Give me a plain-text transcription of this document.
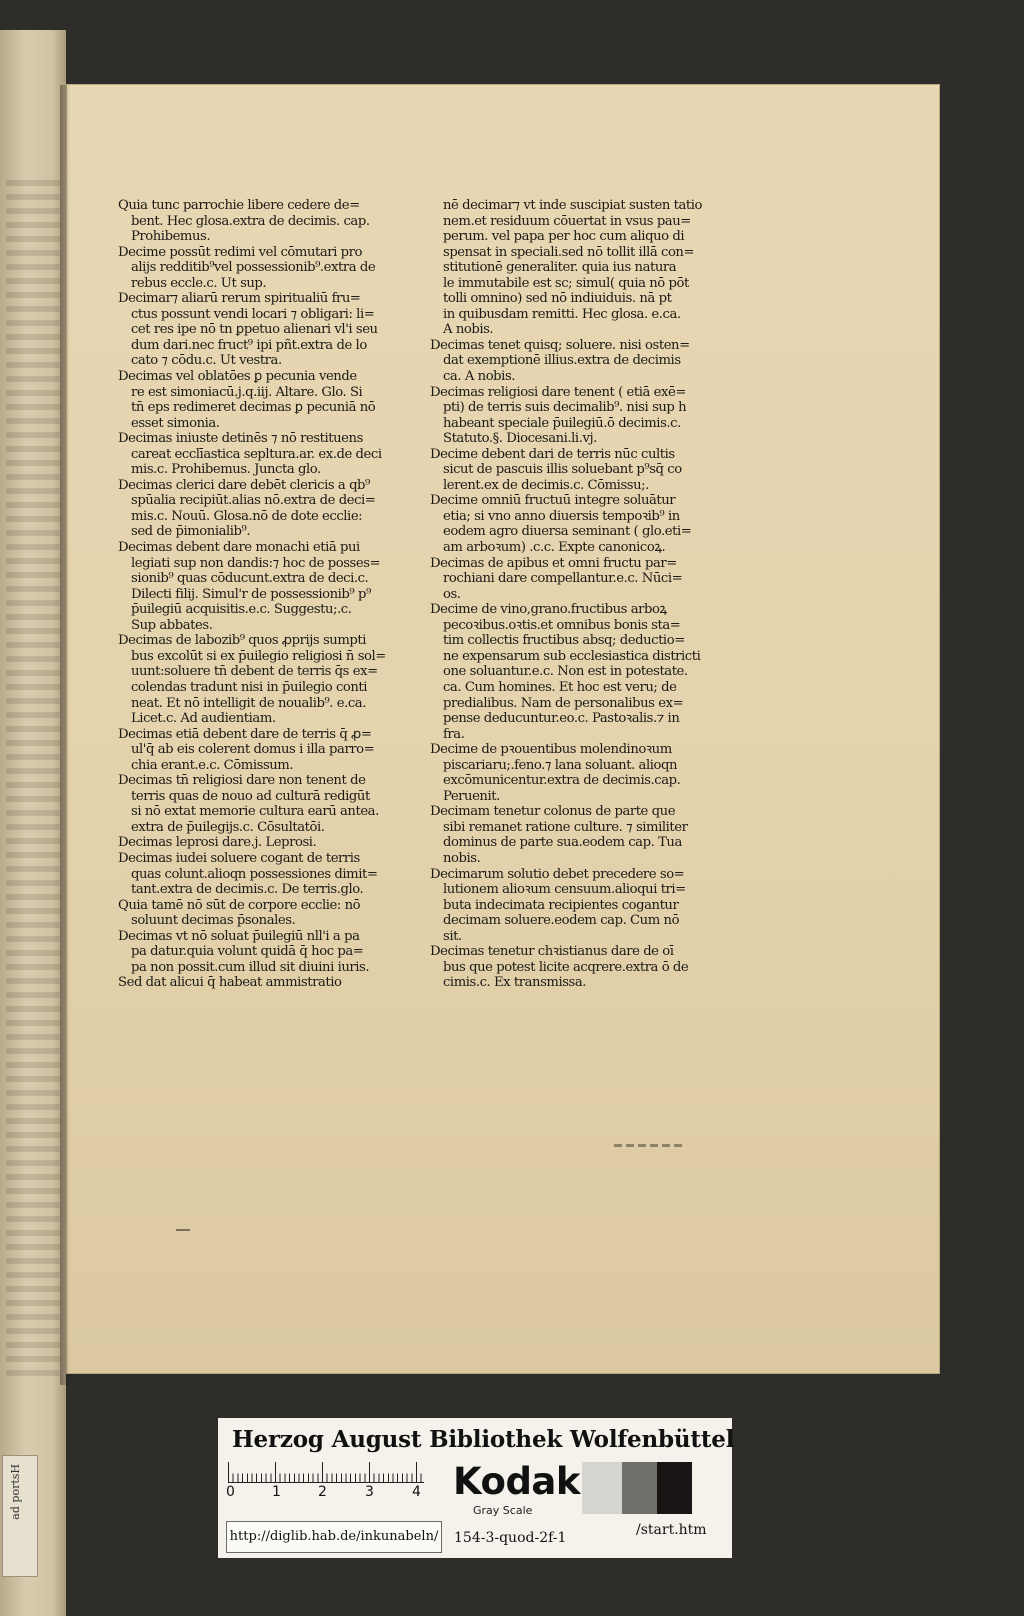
ad portsH
Quia tunc parrochie libere cedere de=
bent. Hec glosa.extra de decimis. cap.
Prohibemus.
Decime possūt redimi vel cōmutari pro
alijs redditib⁹vel possessionib⁹.extra de
rebus eccle.c. Ut sup.
Decimar⁊ aliarū rerum spiritualiū fru=
ctus possunt vendi locari ⁊ obligari: li=
cet res ipe nō tn ꝑpetuo alienari vl'i seu
dum dari.nec fruct⁹ ipi pñt.extra de lo
cato ⁊ cōdu.c. Ut vestra.
Decimas vel oblatōes ꝑ pecunia vende
re est simoniacū.j.q.iij. Altare. Glo. Si
tn̄ eps redimeret decimas ꝑ pecuniā nō
esset simonia.
Decimas iniuste detinēs ⁊ nō restituens
careat ecclīastica sepltura.ar. ex.de deci
mis.c. Prohibemus. Juncta glo.
Decimas clerici dare debēt clericis a qb⁹
spūalia recipiūt.alias nō.extra de deci=
mis.c. Nouū. Glosa.nō de dote ecclie:
sed de p̄imonialib⁹.
Decimas debent dare monachi etiā pui
legiati sup non dandis:⁊ hoc de posses=
sionib⁹ quas cōducunt.extra de deci.c.
Dilecti filij. Simul'r de possessionib⁹ p⁹
p̄uilegiū acquisitis.e.c. Suggestu;.c.
Sup abbates.
Decimas de labozib⁹ quos ꝓprijs sumpti
bus excolūt si ex p̄uilegio religiosi n̄ sol=
uunt:soluere tn̄ debent de terris q̄s ex=
colendas tradunt nisi in p̄uilegio conti
neat. Et nō intelligit de noualib⁹. e.ca.
Licet.c. Ad audientiam.
Decimas etiā debent dare de terris q̄ ꝓ=
ul'q̄ ab eis colerent domus i illa parro=
chia erant.e.c. Cōmissum.
Decimas tn̄ religiosi dare non tenent de
terris quas de nouo ad culturā redigūt
si nō extat memorie cultura earū antea.
extra de p̄uilegijs.c. Cōsultatōi.
Decimas leprosi dare.j. Leprosi.
Decimas iudei soluere cogant de terris
quas colunt.alioqn possessiones dimit=
tant.extra de decimis.c. De terris.glo.
Quia tamē nō sūt de corpore ecclie: nō
soluunt decimas p̄sonales.
Decimas vt nō soluat p̄uilegiū nll'i a pa
pa datur.quia volunt quidā q̄ hoc pa=
pa non possit.cum illud sit diuini iuris.
Sed dat alicui q̄ habeat ammistratio
nē decimar⁊ vt inde suscipiat susten tatio
nem.et residuum cōuertat in vsus pau=
perum. vel papa per hoc cum aliquo di
spensat in speciali.sed nō tollit illā con=
stitutionē generaliter. quia ius natura
le immutabile est sc; simul( quia nō pōt
tolli omnino) sed nō indiuiduis. nā pt
in quibusdam remitti. Hec glosa. e.ca.
A nobis.
Decimas tenet quisq; soluere. nisi osten=
dat exemptionē illius.extra de decimis
ca. A nobis.
Decimas religiosi dare tenent ( etiā exē=
pti) de terris suis decimalib⁹. nisi sup h̄
habeant speciale p̄uilegiū.ō decimis.c.
Statuto.§. Diocesani.li.vj.
Decime debent dari de terris nūc cultis
sicut de pascuis illis soluebant p⁹sq̄ co
lerent.ex de decimis.c. Cōmissu;.
Decime omniū fructuū integre soluātur
etia; si vno anno diuersis tempoꝛib⁹ in
eodem agro diuersa seminant ( glo.eti=
am arboꝛum) .c.c. Expte canonicoꝝ.
Decimas de apibus et omni fructu par=
rochiani dare compellantur.e.c. Nūci=
os.
Decime de vino,grano.fructibus arboꝝ
pecoꝛibus.oꝛtis.et omnibus bonis sta=
tim collectis fructibus absq; deductio=
ne expensarum sub ecclesiastica districti
one soluantur.e.c. Non est in potestate.
ca. Cum homines. Et hoc est veru; de
predialibus. Nam de personalibus ex=
pense deducuntur.eo.c. Pastoꝛalis.⁊ in
fra.
Decime de pꝛouentibus molendinoꝛum
piscariaru;.feno.⁊ lana soluant. alioqn
excōmunicentur.extra de decimis.cap.
Peruenit.
Decimam tenetur colonus de parte que
sibi remanet ratione culture. ⁊ similiter
dominus de parte sua.eodem cap. Tua
nobis.
Decimarum solutio debet precedere so=
lutionem alioꝛum censuum.alioqui tri=
buta indecimata recipientes cogantur
decimam soluere.eodem cap. Cum nō
sit.
Decimas tenetur chꝛistianus dare de oī
bus que potest licite acqrere.extra ō de
cimis.c. Ex transmissa.
Herzog August Bibliothek Wolfenbüttel
0	1	2	3	4 Kodak
Gray Scale
http://diglib.hab.de/inkunabeln/ 154-3-quod-2f-1	/start.htm
